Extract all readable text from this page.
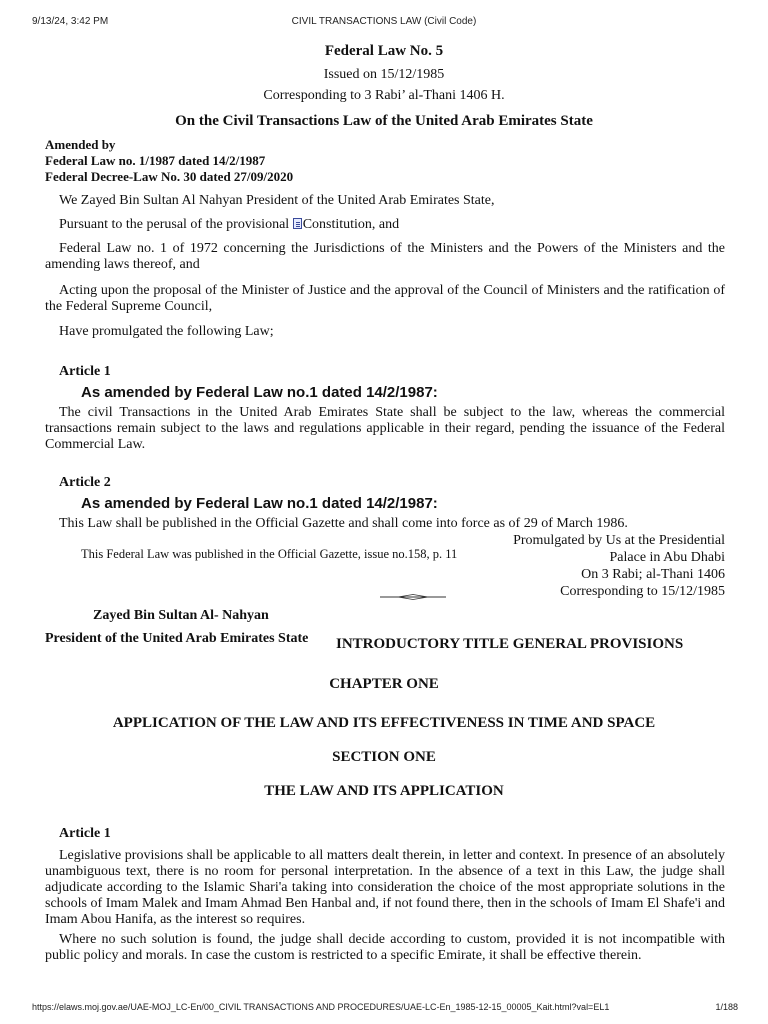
9/13/24, 3:42 PM	CIVIL TRANSACTIONS LAW (Civil Code)
Federal Law No. 5
Issued on 15/12/1985
Corresponding to 3 Rabi’ al-Thani 1406 H.
On the Civil Transactions Law of the United Arab Emirates State
Amended by
Federal Law no. 1/1987 dated 14/2/1987
Federal Decree-Law No. 30 dated 27/09/2020
We Zayed Bin Sultan Al Nahyan President of the United Arab Emirates State,
Pursuant to the perusal of the provisional Constitution, and
Federal Law no. 1 of 1972 concerning the Jurisdictions of the Ministers and the Powers of the Ministers and the amending laws thereof, and
Acting upon the proposal of the Minister of Justice and the approval of the Council of Ministers and the ratification of the Federal Supreme Council,
Have promulgated the following Law;
Article 1
As amended by Federal Law no.1 dated 14/2/1987:
The civil Transactions in the United Arab Emirates State shall be subject to the law, whereas the commercial transactions remain subject to the laws and regulations applicable in their regard, pending the issuance of the Federal Commercial Law.
Article 2
As amended by Federal Law no.1 dated 14/2/1987:
This Law shall be published in the Official Gazette and shall come into force as of 29 of March 1986.
This Federal Law was published in the Official Gazette, issue no.158, p. 11
Promulgated by Us at the Presidential
Palace in Abu Dhabi
On 3 Rabi; al-Thani 1406
Corresponding to 15/12/1985
Zayed Bin Sultan Al- Nahyan
President of the United Arab Emirates State INTRODUCTORY TITLE GENERAL PROVISIONS
CHAPTER ONE
APPLICATION OF THE LAW AND ITS EFFECTIVENESS IN TIME AND SPACE
SECTION ONE
THE LAW AND ITS APPLICATION
Article 1
Legislative provisions shall be applicable to all matters dealt therein, in letter and context. In presence of an absolutely unambiguous text, there is no room for personal interpretation. In the absence of a text in this Law, the judge shall adjudicate according to the Islamic Shari'a taking into consideration the choice of the most appropriate solutions in the schools of Imam Malek and Imam Ahmad Ben Hanbal and, if not found there, then in the schools of Imam El Shafe'i and Imam Abou Hanifa, as the interest so requires.
Where no such solution is found, the judge shall decide according to custom, provided it is not incompatible with public policy and morals. In case the custom is restricted to a specific Emirate, it shall be effective therein.
https://elaws.moj.gov.ae/UAE-MOJ_LC-En/00_CIVIL TRANSACTIONS AND PROCEDURES/UAE-LC-En_1985-12-15_00005_Kait.html?val=EL1	1/188
